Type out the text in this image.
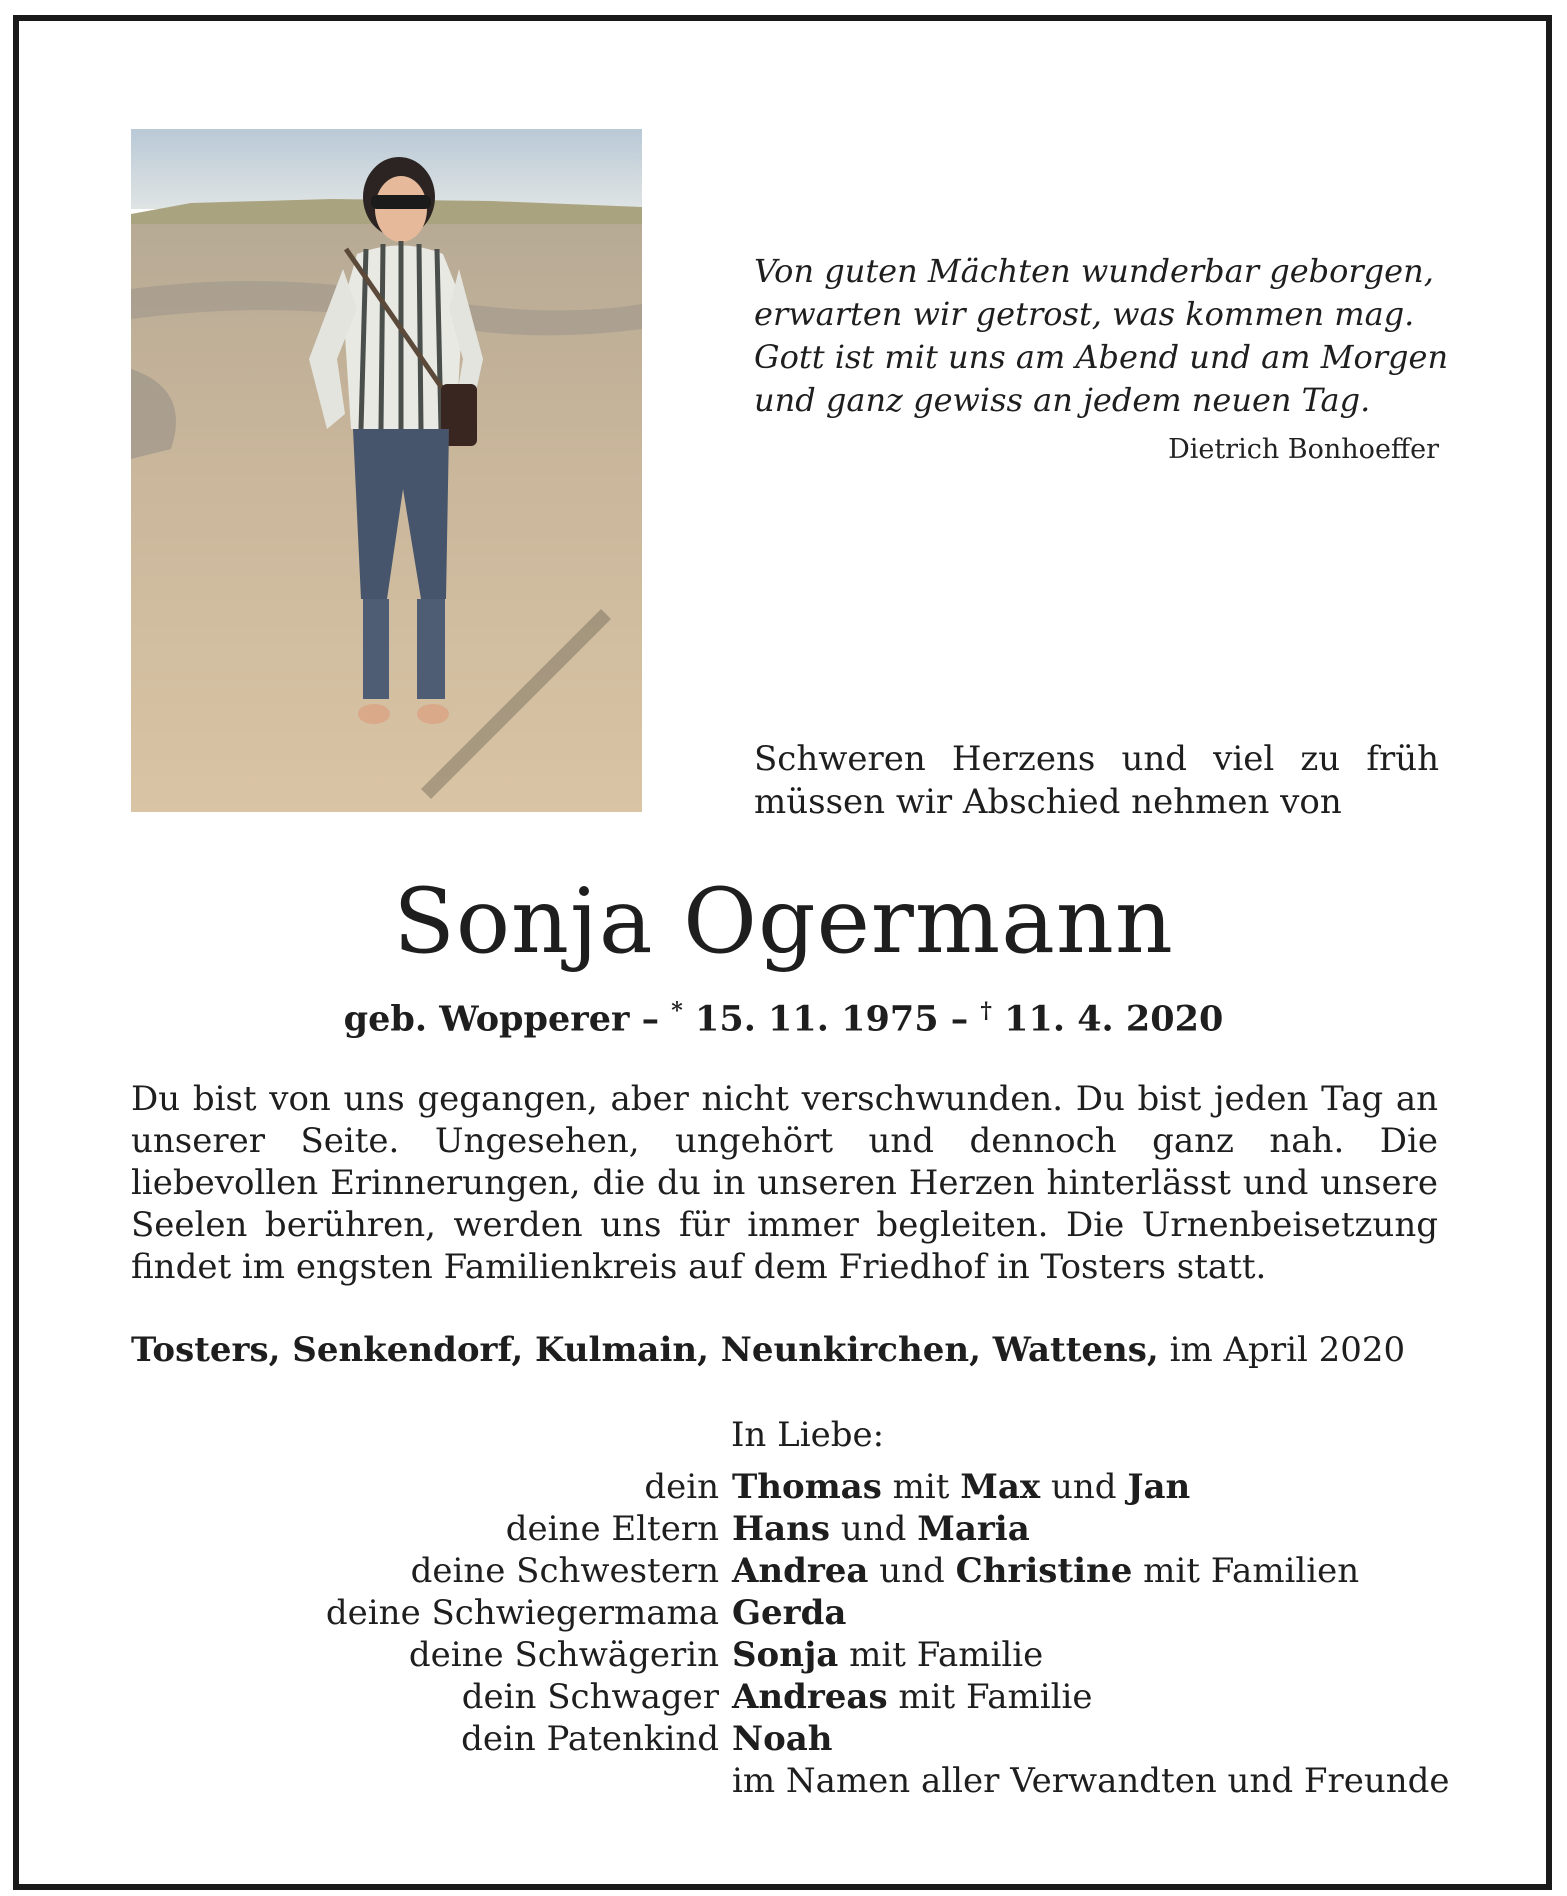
Von guten Mächten wunderbar geborgen,
erwarten wir getrost, was kommen mag.
Gott ist mit uns am Abend und am Morgen
und ganz gewiss an jedem neuen Tag.
Dietrich Bonhoeffer
Schweren Herzens und viel zu früh müssen wir Abschied nehmen von
Sonja Ogermann
geb. Wopperer – * 15. 11. 1975 – † 11. 4. 2020
Du bist von uns gegangen, aber nicht verschwunden. Du bist jeden Tag an unserer Seite. Ungesehen, ungehört und dennoch ganz nah. Die liebevollen Erinnerungen, die du in unseren Herzen hinterlässt und unsere Seelen berühren, werden uns für immer begleiten. Die Urnenbeisetzung findet im engsten Familienkreis auf dem Friedhof in Tosters statt.
Tosters, Senkendorf, Kulmain, Neunkirchen, Wattens, im April 2020
In Liebe:
dein Thomas mit Max und Jan
deine Eltern Hans und Maria
deine Schwestern Andrea und Christine mit Familien
deine Schwiegermama Gerda
deine Schwägerin Sonja mit Familie
dein Schwager Andreas mit Familie
dein Patenkind Noah
im Namen aller Verwandten und Freunde
